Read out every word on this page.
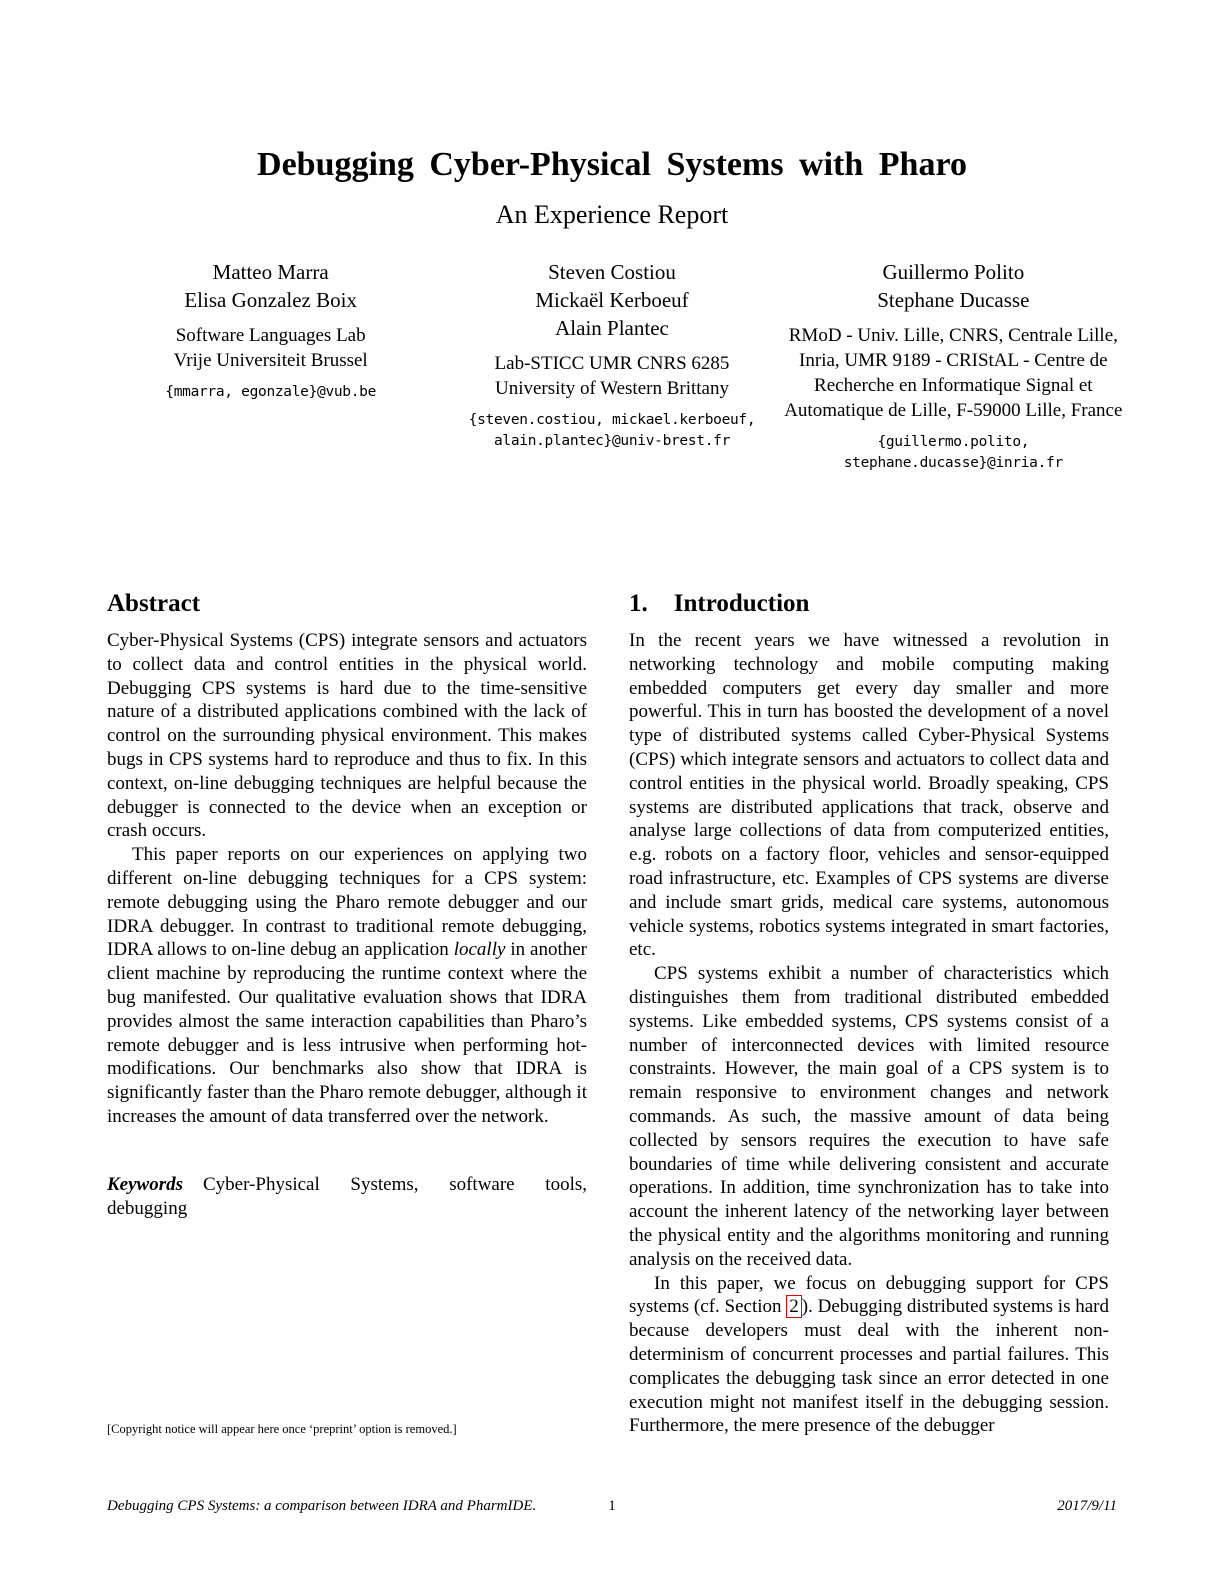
Debugging Cyber-Physical Systems with Pharo
An Experience Report
Matteo Marra
Elisa Gonzalez Boix
Software Languages Lab
Vrije Universiteit Brussel
{mmarra, egonzale}@vub.be
Steven Costiou
Mickaël Kerboeuf
Alain Plantec
Lab-STICC UMR CNRS 6285
University of Western Brittany
{steven.costiou, mickael.kerboeuf, alain.plantec}@univ-brest.fr
Guillermo Polito
Stephane Ducasse
RMoD - Univ. Lille, CNRS, Centrale Lille, Inria, UMR 9189 - CRIStAL - Centre de Recherche en Informatique Signal et Automatique de Lille, F-59000 Lille, France
{guillermo.polito, stephane.ducasse}@inria.fr
Abstract

Cyber-Physical Systems (CPS) integrate sensors and actuators to collect data and control entities in the physical world. Debugging CPS systems is hard due to the time-sensitive nature of a distributed applications combined with the lack of control on the surrounding physical environment. This makes bugs in CPS systems hard to reproduce and thus to fix. In this context, on-line debugging techniques are helpful because the debugger is connected to the device when an exception or crash occurs.

This paper reports on our experiences on applying two different on-line debugging techniques for a CPS system: remote debugging using the Pharo remote debugger and our IDRA debugger. In contrast to traditional remote debugging, IDRA allows to on-line debug an application locally in another client machine by reproducing the runtime context where the bug manifested. Our qualitative evaluation shows that IDRA provides almost the same interaction capabilities than Pharo’s remote debugger and is less intrusive when performing hot-modifications. Our benchmarks also show that IDRA is significantly faster than the Pharo remote debugger, although it increases the amount of data transferred over the network.

Keywords Cyber-Physical Systems, software tools, debugging

1. Introduction

In the recent years we have witnessed a revolution in networking technology and mobile computing making embedded computers get every day smaller and more powerful. This in turn has boosted the development of a novel type of distributed systems called Cyber-Physical Systems (CPS) which integrate sensors and actuators to collect data and control entities in the physical world. Broadly speaking, CPS systems are distributed applications that track, observe and analyse large collections of data from computerized entities, e.g. robots on a factory floor, vehicles and sensor-equipped road infrastructure, etc. Examples of CPS systems are diverse and include smart grids, medical care systems, autonomous vehicle systems, robotics systems integrated in smart factories, etc.

CPS systems exhibit a number of characteristics which distinguishes them from traditional distributed embedded systems. Like embedded systems, CPS systems consist of a number of interconnected devices with limited resource constraints. However, the main goal of a CPS system is to remain responsive to environment changes and network commands. As such, the massive amount of data being collected by sensors requires the execution to have safe boundaries of time while delivering consistent and accurate operations. In addition, time synchronization has to take into account the inherent latency of the networking layer between the physical entity and the algorithms monitoring and running analysis on the received data.

In this paper, we focus on debugging support for CPS systems (cf. Section 2 ). Debugging distributed systems is hard because developers must deal with the inherent non-determinism of concurrent processes and partial failures. This complicates the debugging task since an error detected in one execution might not manifest itself in the debugging session. Furthermore, the mere presence of the debugger

[Copyright notice will appear here once ‘preprint’ option is removed.]
Debugging CPS Systems: a comparison between IDRA and PharmIDE.	1	2017/9/11
